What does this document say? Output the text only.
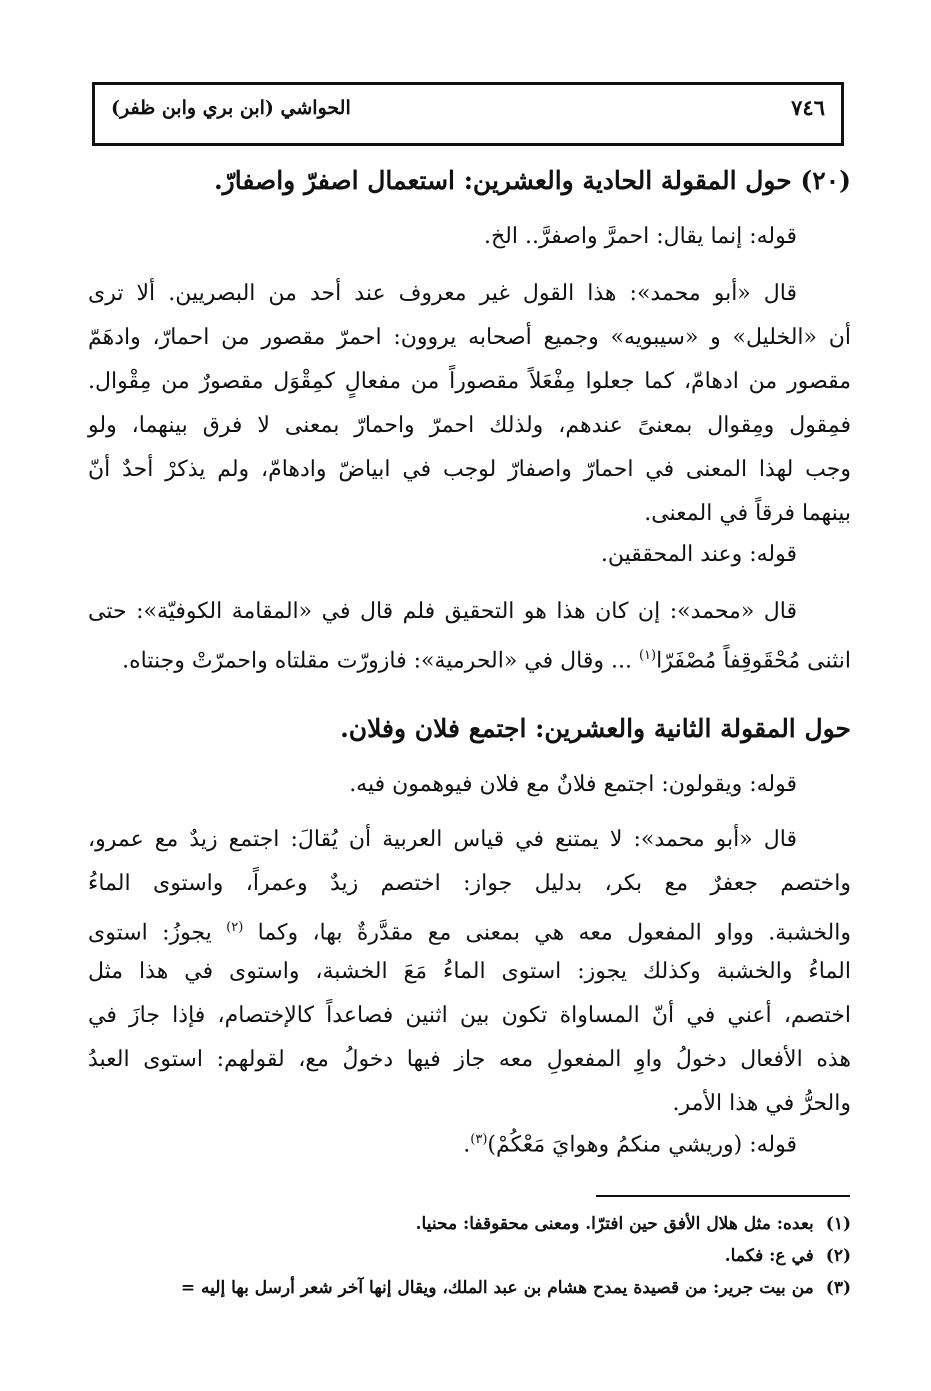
٧٤٦
الحواشي (ابن بري وابن ظفر)
(٢٠) حول المقولة الحادية والعشرين: استعمال اصفرّ واصفارّ.
قوله: إنما يقال: احمرَّ واصفرَّ.. الخ.
قال «أبو محمد»: هذا القول غير معروف عند أحد من البصريين. ألا ترى
أن «الخليل» و «سيبويه» وجميع أصحابه يروون: احمرّ مقصور من احمارّ، وادهَمّ
مقصور من ادهامّ، كما جعلوا مِفْعَلاً مقصوراً من مفعالٍ كمِقْوَل مقصورٌ من مِقْوال.
فمِقول ومِقوال بمعنىً عندهم، ولذلك احمرّ واحمارّ بمعنى لا فرق بينهما، ولو
وجب لهذا المعنى في احمارّ واصفارّ لوجب في ابياضّ وادهامّ، ولم يذكرْ أحدٌ أنّ
بينهما فرقاً في المعنى.
قوله: وعند المحققين.
قال «محمد»: إن كان هذا هو التحقيق فلم قال في «المقامة الكوفيّة»: حتى
انثنى مُحْقَوقِفاً مُصْفَرّا$^{(١)}$ ... وقال في «الحرمية»: فازورّت مقلتاه واحمرّتْ وجنتاه.
حول المقولة الثانية والعشرين: اجتمع فلان وفلان.
قوله: ويقولون: اجتمع فلانٌ مع فلان فيوهمون فيه.
قال «أبو محمد»: لا يمتنع في قياس العربية أن يُقالَ: اجتمع زيدٌ مع عمرو،
واختصم جعفرٌ مع بكر، بدليل جواز: اختصم زيدٌ وعمراً، واستوى الماءُ
والخشبة. وواو المفعول معه هي بمعنى مع مقدَّرةٌ بها، وكما $^{(٢)}$ يجوزُ: استوى
الماءُ والخشبة وكذلك يجوز: استوى الماءُ مَعَ الخشبة، واستوى في هذا مثل
اختصم، أعني في أنّ المساواة تكون بين اثنين فصاعداً كالإختصام، فإذا جازَ في
هذه الأفعال دخولُ واوِ المفعولِ معه جاز فيها دخولُ مع، لقولهم: استوى العبدُ
والحرُّ في هذا الأمر.
قوله: (وريشي منكمُ وهوايَ مَعْكُمْ)$^{(٣)}$.
(١)بعده: مثل هلال الأفق حين افترّا. ومعنى محقوقفا: محنيا.
(٢)في ع: فكما.
(٣)من بيت جرير: من قصيدة يمدح هشام بن عبد الملك، ويقال إنها آخر شعر أرسل بها إليه =
